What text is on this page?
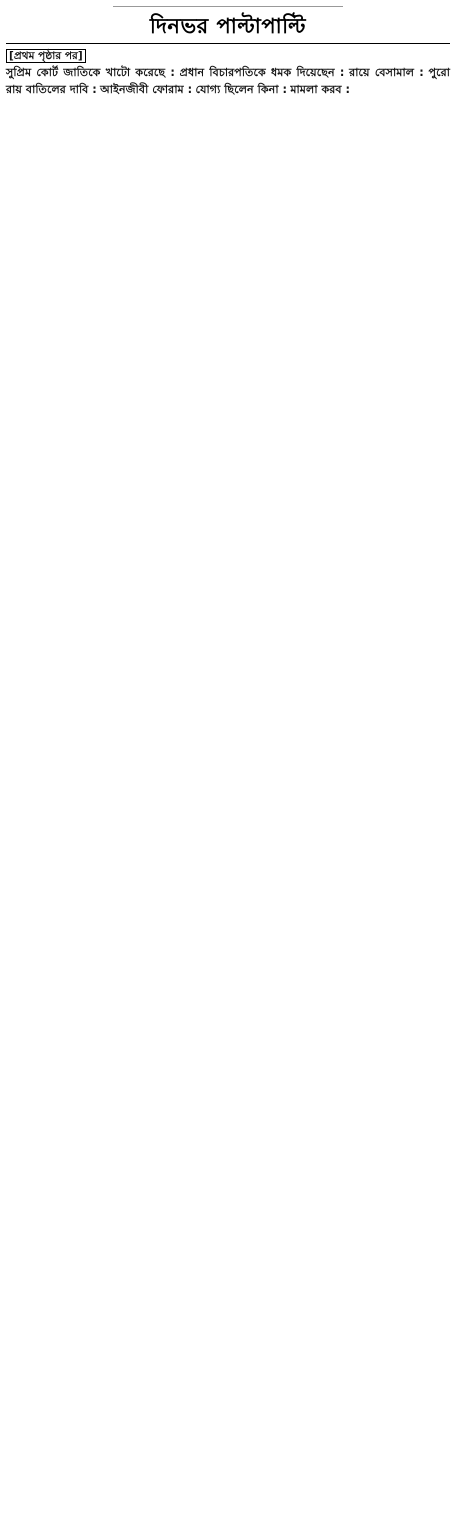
দিনভর পাল্টাপাল্টি

[প্রথম পৃষ্ঠার পর]

সুপ্রিম কোর্ট জাতিকে খাটো করেছে : প্রধান বিচারপতিকে ধমক দিয়েছেন : রায়ে বেসামাল : পুরো রায় বাতিলের দাবি : আইনজীবী ফোরাম : যোগ্য ছিলেন কিনা : মামলা করব :
